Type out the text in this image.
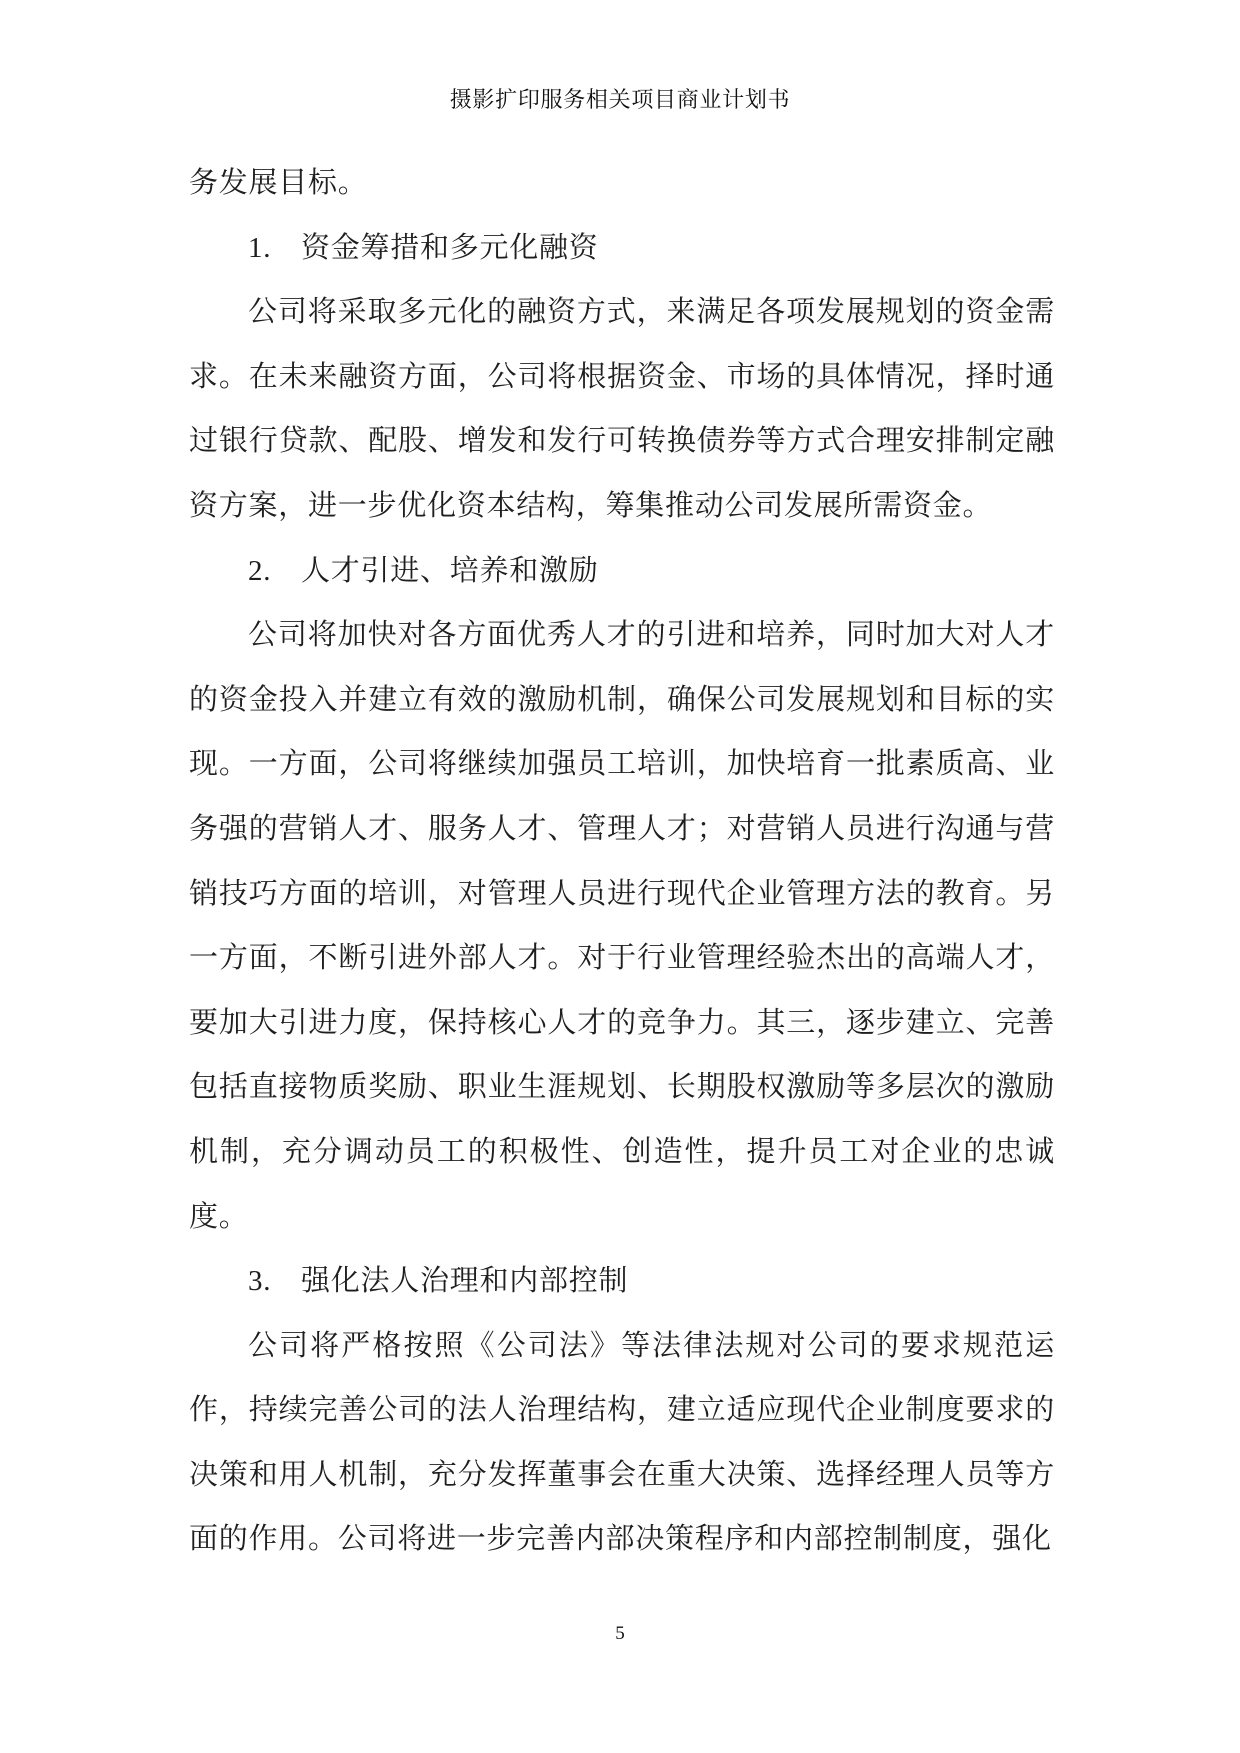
摄影扩印服务相关项目商业计划书

务发展目标。

1.　资金筹措和多元化融资

公司将采取多元化的融资方式，来满足各项发展规划的资金需求。在未来融资方面，公司将根据资金、市场的具体情况，择时通过银行贷款、配股、增发和发行可转换债券等方式合理安排制定融资方案，进一步优化资本结构，筹集推动公司发展所需资金。

2.　人才引进、培养和激励

公司将加快对各方面优秀人才的引进和培养，同时加大对人才的资金投入并建立有效的激励机制，确保公司发展规划和目标的实现。一方面，公司将继续加强员工培训，加快培育一批素质高、业务强的营销人才、服务人才、管理人才；对营销人员进行沟通与营销技巧方面的培训，对管理人员进行现代企业管理方法的教育。另一方面，不断引进外部人才。对于行业管理经验杰出的高端人才，要加大引进力度，保持核心人才的竞争力。其三，逐步建立、完善包括直接物质奖励、职业生涯规划、长期股权激励等多层次的激励机制，充分调动员工的积极性、创造性，提升员工对企业的忠诚度。

3.　强化法人治理和内部控制

公司将严格按照《公司法》等法律法规对公司的要求规范运作，持续完善公司的法人治理结构，建立适应现代企业制度要求的决策和用人机制，充分发挥董事会在重大决策、选择经理人员等方面的作用。公司将进一步完善内部决策程序和内部控制制度，强化

5
